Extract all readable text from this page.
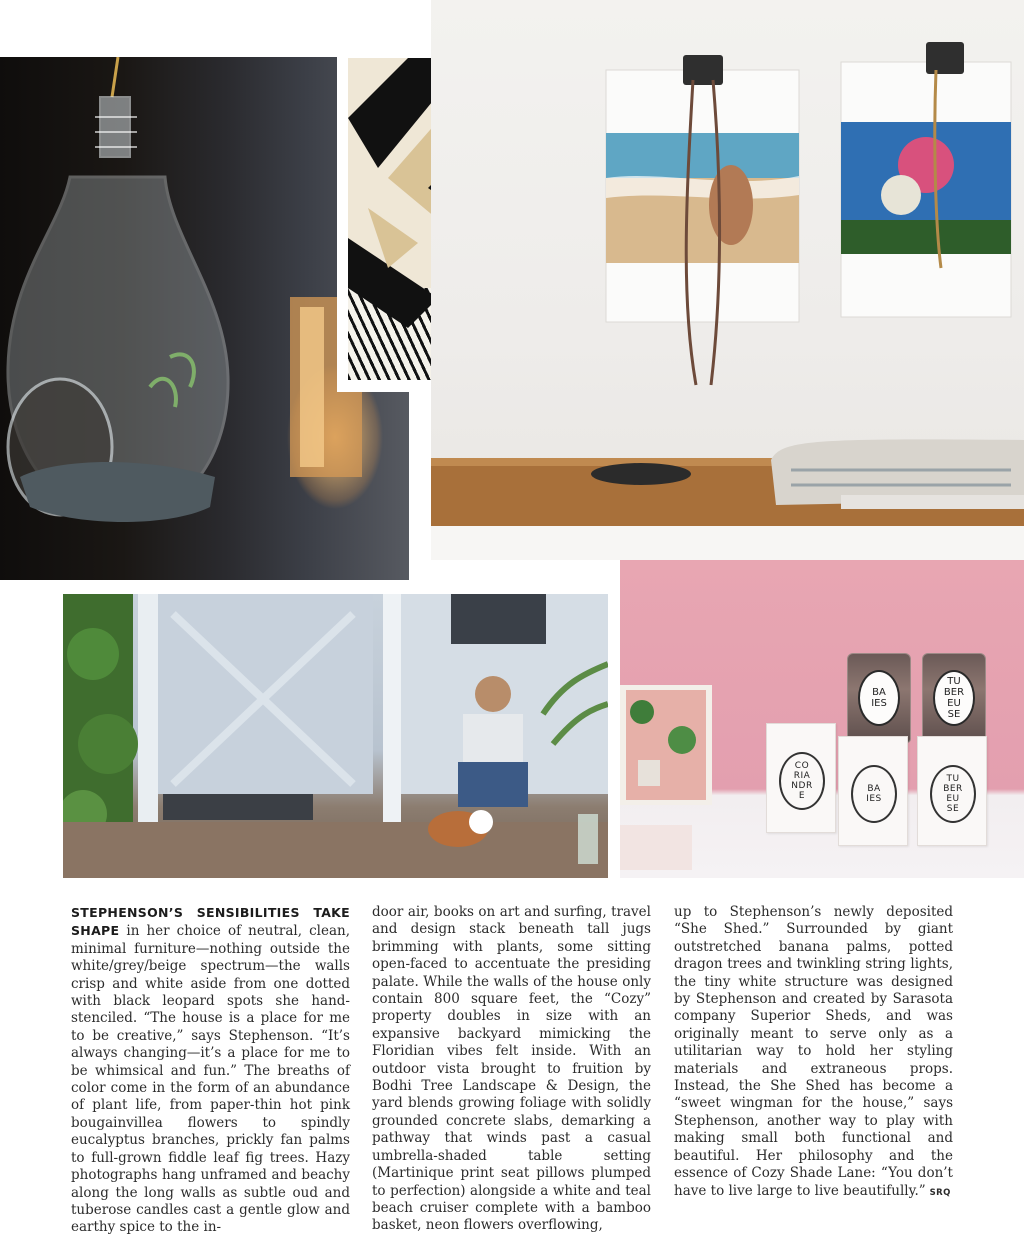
BA
IES
TU
BER
EU
SE
CO
RIA
NDR
E
BA
IES
TU
BER
EU
SE
STEPHENSON’S SENSIBILITIES TAKE SHAPE in her choice of neutral, clean, minimal furniture—nothing outside the white/grey/beige spectrum—the walls crisp and white aside from one dotted with black leopard spots she hand-stenciled. “The house is a place for me to be creative,” says Stephenson. “It’s always changing—it’s a place for me to be whimsical and fun.” The breaths of color come in the form of an abundance of plant life, from paper-thin hot pink bougainvillea flowers to spindly eucalyptus branches, prickly fan palms to full-grown fiddle leaf fig trees. Hazy photographs hang unframed and beachy along the long walls as subtle oud and tuberose candles cast a gentle glow and earthy spice to the in-
door air, books on art and surfing, travel and design stack beneath tall jugs brimming with plants, some sitting open-faced to accentuate the presiding palate. While the walls of the house only contain 800 square feet, the “Cozy” property doubles in size with an expansive backyard mimicking the Floridian vibes felt inside. With an outdoor vista brought to fruition by Bodhi Tree Landscape & Design, the yard blends growing foliage with solidly grounded concrete slabs, demarking a pathway that winds past a casual umbrella-shaded table setting (Martinique print seat pillows plumped to perfection) alongside a white and teal beach cruiser complete with a bamboo basket, neon flowers overflowing,
up to Stephenson’s newly deposited “She Shed.” Surrounded by giant outstretched banana palms, potted dragon trees and twinkling string lights, the tiny white structure was designed by Stephenson and created by Sarasota company Superior Sheds, and was originally meant to serve only as a utilitarian way to hold her styling materials and extraneous props. Instead, the She Shed has become a “sweet wingman for the house,” says Stephenson, another way to play with making small both functional and beautiful. Her philosophy and the essence of Cozy Shade Lane: “You don’t have to live large to live beautifully.” SRQ
